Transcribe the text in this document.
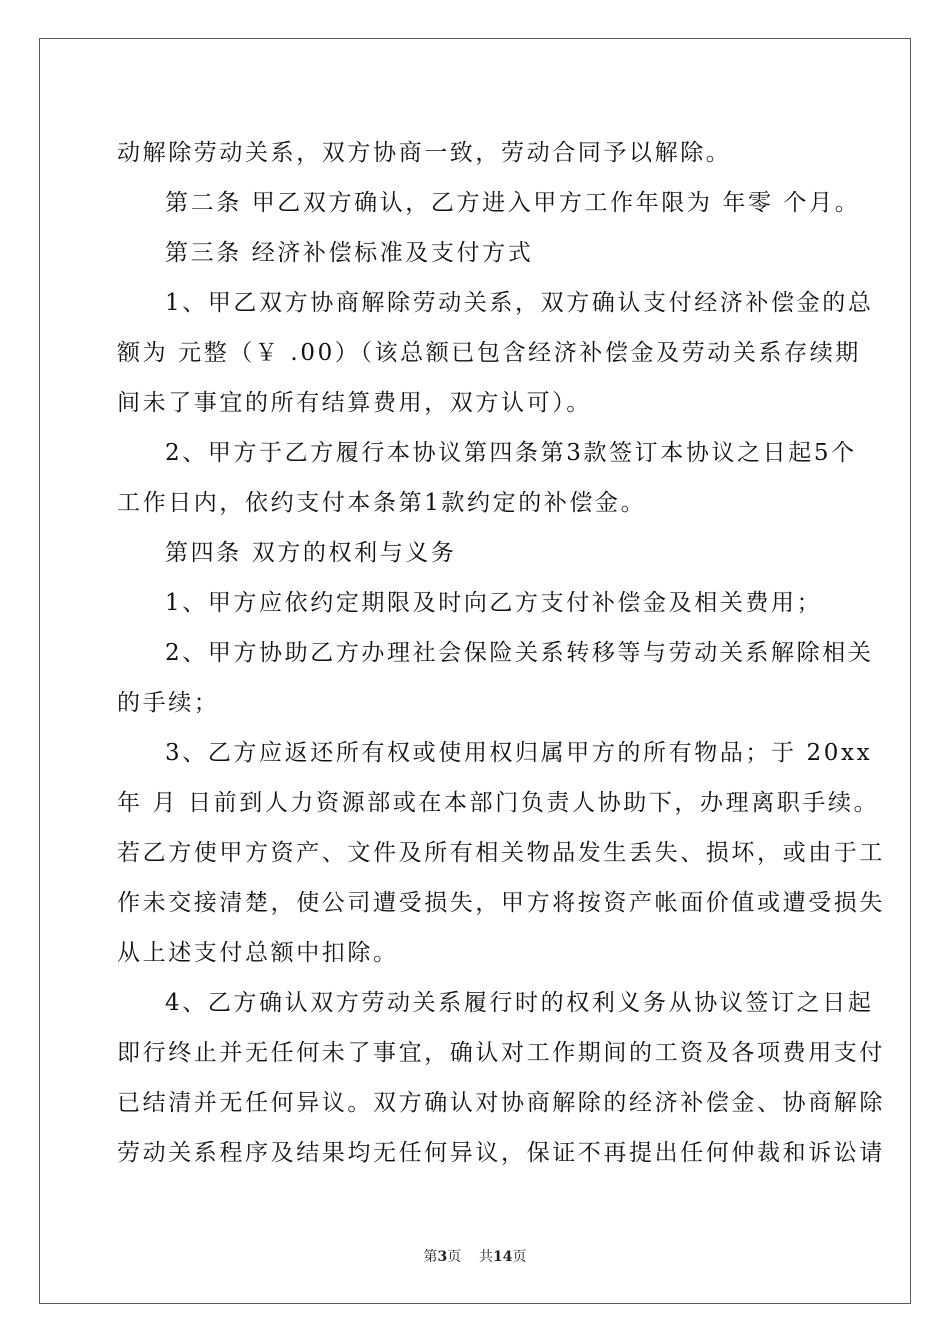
动解除劳动关系，双方协商一致，劳动合同予以解除。
第二条 甲乙双方确认，乙方进入甲方工作年限为 年零 个月。
第三条 经济补偿标准及支付方式
1、甲乙双方协商解除劳动关系，双方确认支付经济补偿金的总
额为 元整（￥ .00）（该总额已包含经济补偿金及劳动关系存续期
间未了事宜的所有结算费用，双方认可）。
2、甲方于乙方履行本协议第四条第3款签订本协议之日起5个
工作日内，依约支付本条第1款约定的补偿金。
第四条 双方的权利与义务
1、甲方应依约定期限及时向乙方支付补偿金及相关费用；
2、甲方协助乙方办理社会保险关系转移等与劳动关系解除相关
的手续；
3、乙方应返还所有权或使用权归属甲方的所有物品；于 20xx
年 月 日前到人力资源部或在本部门负责人协助下，办理离职手续。
若乙方使甲方资产、文件及所有相关物品发生丢失、损坏，或由于工
作未交接清楚，使公司遭受损失，甲方将按资产帐面价值或遭受损失
从上述支付总额中扣除。
4、乙方确认双方劳动关系履行时的权利义务从协议签订之日起
即行终止并无任何未了事宜，确认对工作期间的工资及各项费用支付
已结清并无任何异议。双方确认对协商解除的经济补偿金、协商解除
劳动关系程序及结果均无任何异议，保证不再提出任何仲裁和诉讼请

第3页 共14页
